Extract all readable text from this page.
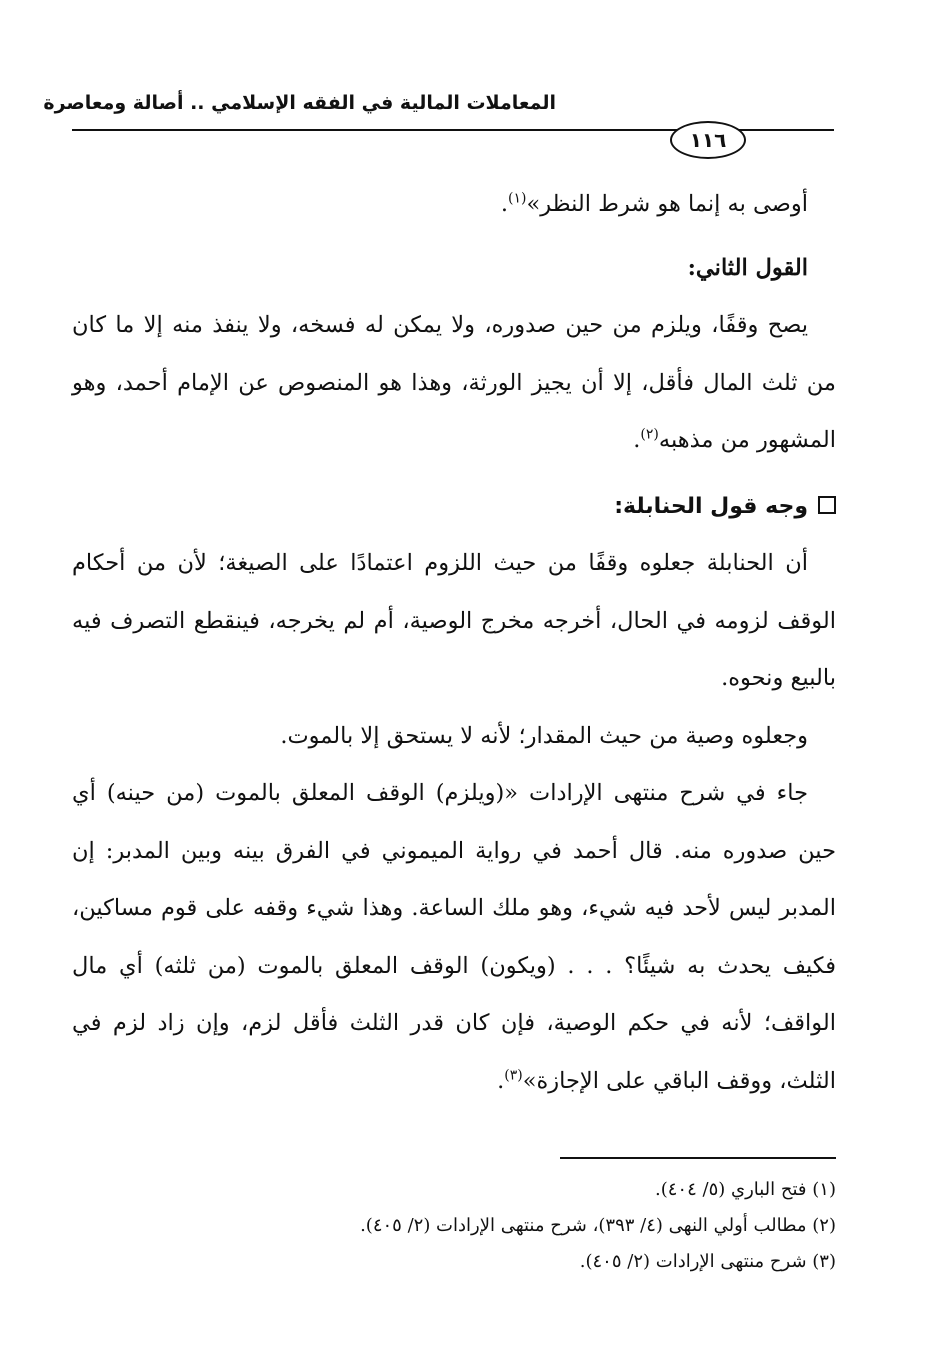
المعاملات المالية في الفقه الإسلامي .. أصالة ومعاصرة
١١٦

أوصى به إنما هو شرط النظر»$^{(١)}$.

القول الثاني:

يصح وقفًا، ويلزم من حين صدوره، ولا يمكن له فسخه، ولا ينفذ منه إلا ما كان من ثلث المال فأقل، إلا أن يجيز الورثة، وهذا هو المنصوص عن الإمام أحمد، وهو المشهور من مذهبه$^{(٢)}$.

وجه قول الحنابلة:

أن الحنابلة جعلوه وقفًا من حيث اللزوم اعتمادًا على الصيغة؛ لأن من أحكام الوقف لزومه في الحال، أخرجه مخرج الوصية، أم لم يخرجه، فينقطع التصرف فيه بالبيع ونحوه.

وجعلوه وصية من حيث المقدار؛ لأنه لا يستحق إلا بالموت.

جاء في شرح منتهى الإرادات «(ويلزم) الوقف المعلق بالموت (من حينه) أي حين صدوره منه. قال أحمد في رواية الميموني في الفرق بينه وبين المدبر: إن المدبر ليس لأحد فيه شيء، وهو ملك الساعة. وهذا شيء وقفه على قوم مساكين، فكيف يحدث به شيئًا؟ . . . (ويكون) الوقف المعلق بالموت (من ثلثه) أي مال الواقف؛ لأنه في حكم الوصية، فإن كان قدر الثلث فأقل لزم، وإن زاد لزم في الثلث، ووقف الباقي على الإجازة»$^{(٣)}$.

(١) فتح الباري (٥/ ٤٠٤).
(٢) مطالب أولي النهى (٤/ ٣٩٣)، شرح منتهى الإرادات (٢/ ٤٠٥).
(٣) شرح منتهى الإرادات (٢/ ٤٠٥).
